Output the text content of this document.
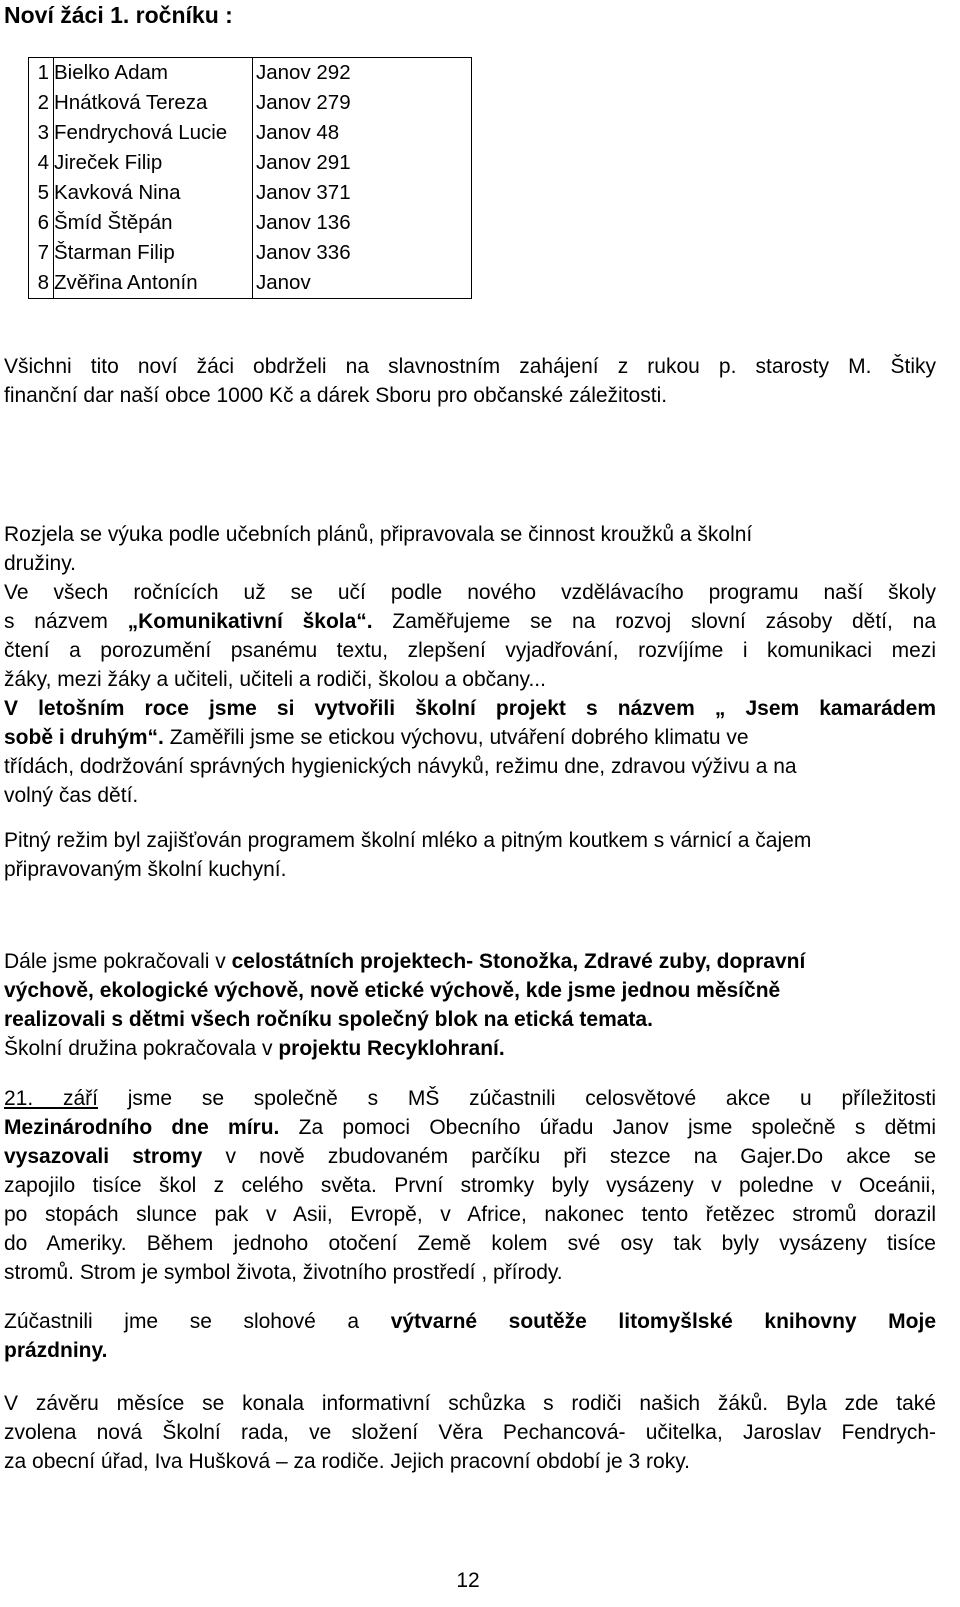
Noví žáci 1. ročníku :
1	Bielko Adam	Janov 292
2	Hnátková Tereza	Janov 279
3	Fendrychová Lucie	Janov 48
4	Jireček Filip	Janov 291
5	Kavková Nina	Janov 371
6	Šmíd Štěpán	Janov 136
7	Štarman Filip	Janov 336
8	Zvěřina Antonín	Janov
Všichni tito noví žáci obdrželi na slavnostním zahájení z rukou p. starosty M. Štiky
finanční dar naší obce 1000 Kč a dárek Sboru pro občanské záležitosti.
Rozjela se výuka podle učebních plánů, připravovala se činnost kroužků a školní
družiny.
Ve všech ročnících už se učí podle nového vzdělávacího programu naší školy
s názvem „Komunikativní škola“. Zaměřujeme se na rozvoj slovní zásoby dětí, na
čtení a porozumění psanému textu, zlepšení vyjadřování, rozvíjíme i komunikaci mezi
žáky, mezi žáky a učiteli, učiteli a rodiči, školou a občany...
V letošním roce jsme si vytvořili školní projekt s názvem „ Jsem kamarádem
sobě i druhým“. Zaměřili jsme se etickou výchovu, utváření dobrého klimatu ve
třídách, dodržování správných hygienických návyků, režimu dne, zdravou výživu a na
volný čas dětí.
Pitný režim byl zajišťován programem školní mléko a pitným koutkem s várnicí a čajem
připravovaným školní kuchyní.
Dále jsme pokračovali v celostátních projektech- Stonožka, Zdravé zuby, dopravní
výchově, ekologické výchově, nově etické výchově, kde jsme jednou měsíčně
realizovali s dětmi všech ročníku společný blok na etická temata.
Školní družina pokračovala v projektu Recyklohraní.
21. září jsme se společně s MŠ zúčastnili celosvětové akce u příležitosti
Mezinárodního dne míru. Za pomoci Obecního úřadu Janov jsme společně s dětmi
vysazovali stromy v nově zbudovaném parčíku při stezce na Gajer.Do akce se
zapojilo tisíce škol z celého světa. První stromky byly vysázeny v poledne v Oceánii,
po stopách slunce pak v Asii, Evropě, v Africe, nakonec tento řetězec stromů dorazil
do Ameriky. Během jednoho otočení Země kolem své osy tak byly vysázeny tisíce
stromů. Strom je symbol života, životního prostředí , přírody.
Zúčastnili jme se slohové a výtvarné soutěže litomyšlské knihovny Moje
prázdniny.
V závěru měsíce se konala informativní schůzka s rodiči našich žáků. Byla zde také
zvolena nová Školní rada, ve složení Věra Pechancová- učitelka, Jaroslav Fendrych-
za obecní úřad, Iva Hušková – za rodiče. Jejich pracovní období je 3 roky.
12
